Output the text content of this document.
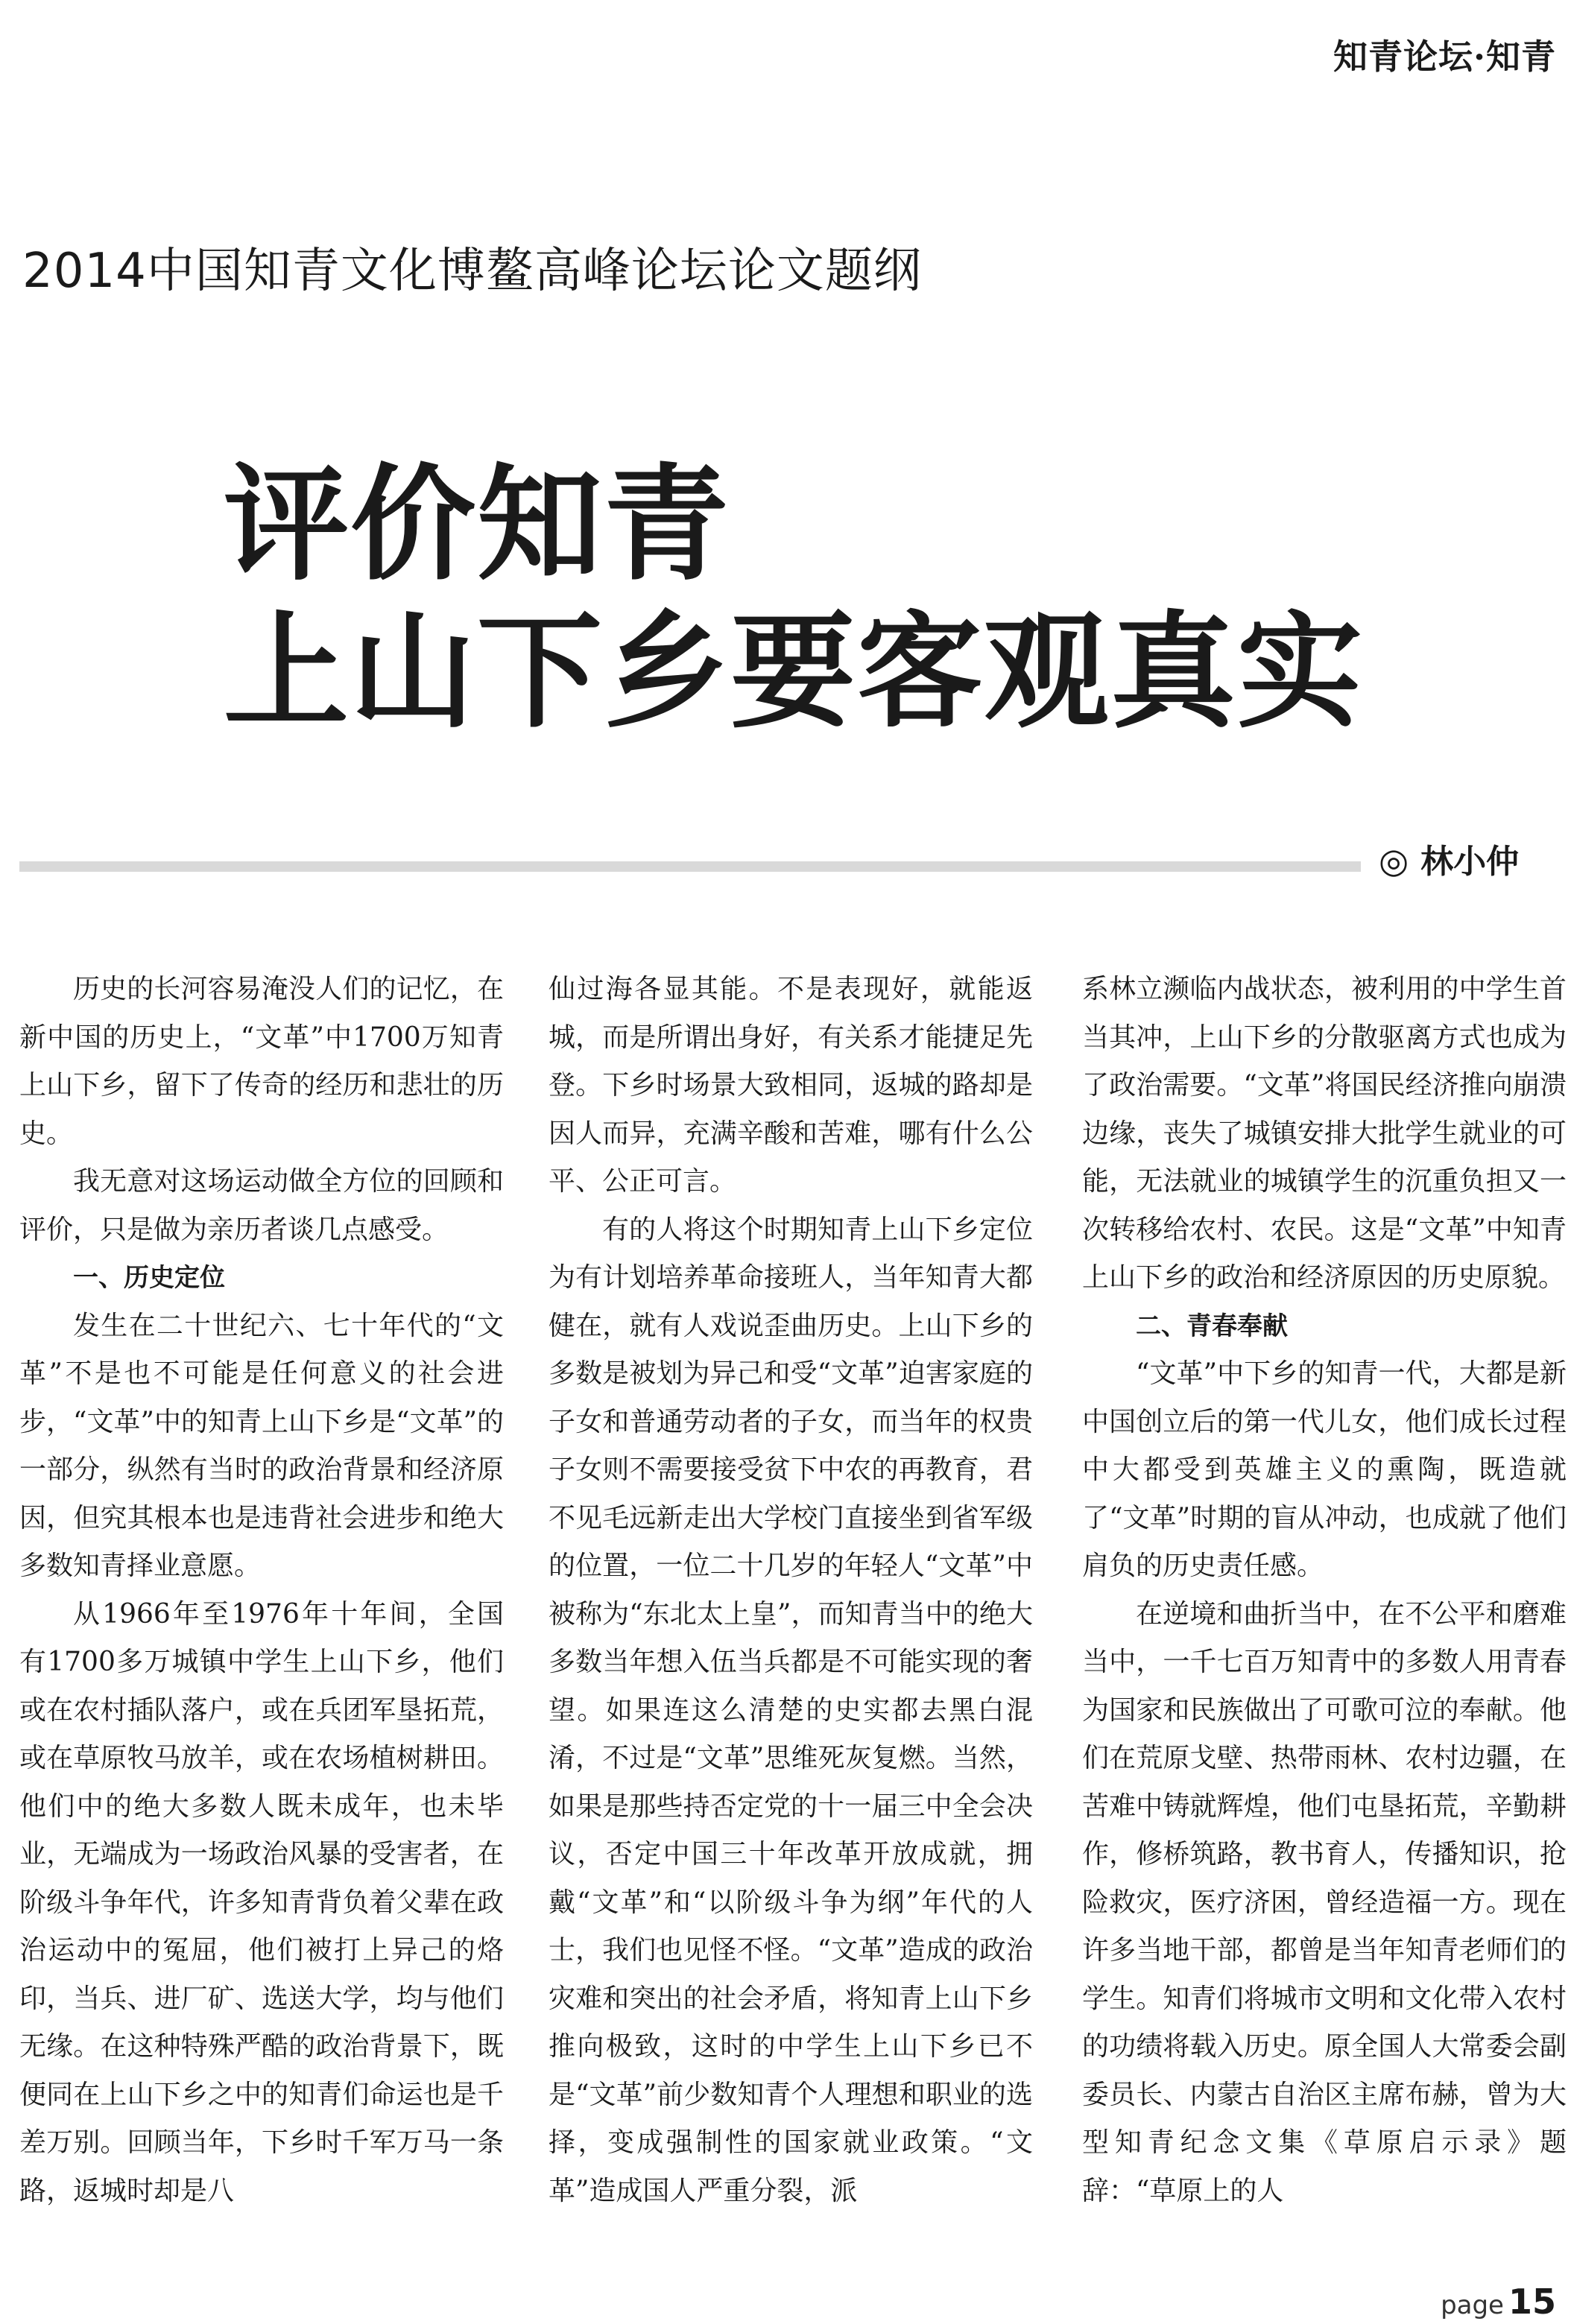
知青论坛·知青
2014中国知青文化博鳌高峰论坛论文题纲
评价知青
上山下乡要客观真实
◎ 林小仲

历史的长河容易淹没人们的记忆，在新中国的历史上，“文革”中1700万知青上山下乡，留下了传奇的经历和悲壮的历史。

我无意对这场运动做全方位的回顾和评价，只是做为亲历者谈几点感受。

一、历史定位

发生在二十世纪六、七十年代的“文革”不是也不可能是任何意义的社会进步，“文革”中的知青上山下乡是“文革”的一部分，纵然有当时的政治背景和经济原因，但究其根本也是违背社会进步和绝大多数知青择业意愿。

从1966年至1976年十年间，全国有1700多万城镇中学生上山下乡，他们或在农村插队落户，或在兵团军垦拓荒，或在草原牧马放羊，或在农场植树耕田。他们中的绝大多数人既未成年，也未毕业，无端成为一场政治风暴的受害者，在阶级斗争年代，许多知青背负着父辈在政治运动中的冤屈，他们被打上异己的烙印，当兵、进厂矿、选送大学，均与他们无缘。在这种特殊严酷的政治背景下，既便同在上山下乡之中的知青们命运也是千差万别。回顾当年，下乡时千军万马一条路，返城时却是八

仙过海各显其能。不是表现好，就能返城，而是所谓出身好，有关系才能捷足先登。下乡时场景大致相同，返城的路却是因人而异，充满辛酸和苦难，哪有什么公平、公正可言。

有的人将这个时期知青上山下乡定位为有计划培养革命接班人，当年知青大都健在，就有人戏说歪曲历史。上山下乡的多数是被划为异己和受“文革”迫害家庭的子女和普通劳动者的子女，而当年的权贵子女则不需要接受贫下中农的再教育，君不见毛远新走出大学校门直接坐到省军级的位置，一位二十几岁的年轻人“文革”中被称为“东北太上皇”，而知青当中的绝大多数当年想入伍当兵都是不可能实现的奢望。如果连这么清楚的史实都去黑白混淆，不过是“文革”思维死灰复燃。当然，如果是那些持否定党的十一届三中全会决议，否定中国三十年改革开放成就，拥戴“文革”和“以阶级斗争为纲”年代的人士，我们也见怪不怪。“文革”造成的政治灾难和突出的社会矛盾，将知青上山下乡推向极致，这时的中学生上山下乡已不是“文革”前少数知青个人理想和职业的选择，变成强制性的国家就业政策。“文革”造成国人严重分裂，派

系林立濒临内战状态，被利用的中学生首当其冲，上山下乡的分散驱离方式也成为了政治需要。“文革”将国民经济推向崩溃边缘，丧失了城镇安排大批学生就业的可能，无法就业的城镇学生的沉重负担又一次转移给农村、农民。这是“文革”中知青上山下乡的政治和经济原因的历史原貌。

二、青春奉献

“文革”中下乡的知青一代，大都是新中国创立后的第一代儿女，他们成长过程中大都受到英雄主义的熏陶，既造就了“文革”时期的盲从冲动，也成就了他们肩负的历史责任感。

在逆境和曲折当中，在不公平和磨难当中，一千七百万知青中的多数人用青春为国家和民族做出了可歌可泣的奉献。他们在荒原戈壁、热带雨林、农村边疆，在苦难中铸就辉煌，他们屯垦拓荒，辛勤耕作，修桥筑路，教书育人，传播知识，抢险救灾，医疗济困，曾经造福一方。现在许多当地干部，都曾是当年知青老师们的学生。知青们将城市文明和文化带入农村的功绩将载入历史。原全国人大常委会副委员长、内蒙古自治区主席布赫，曾为大型知青纪念文集《草原启示录》题辞：“草原上的人

page 15
